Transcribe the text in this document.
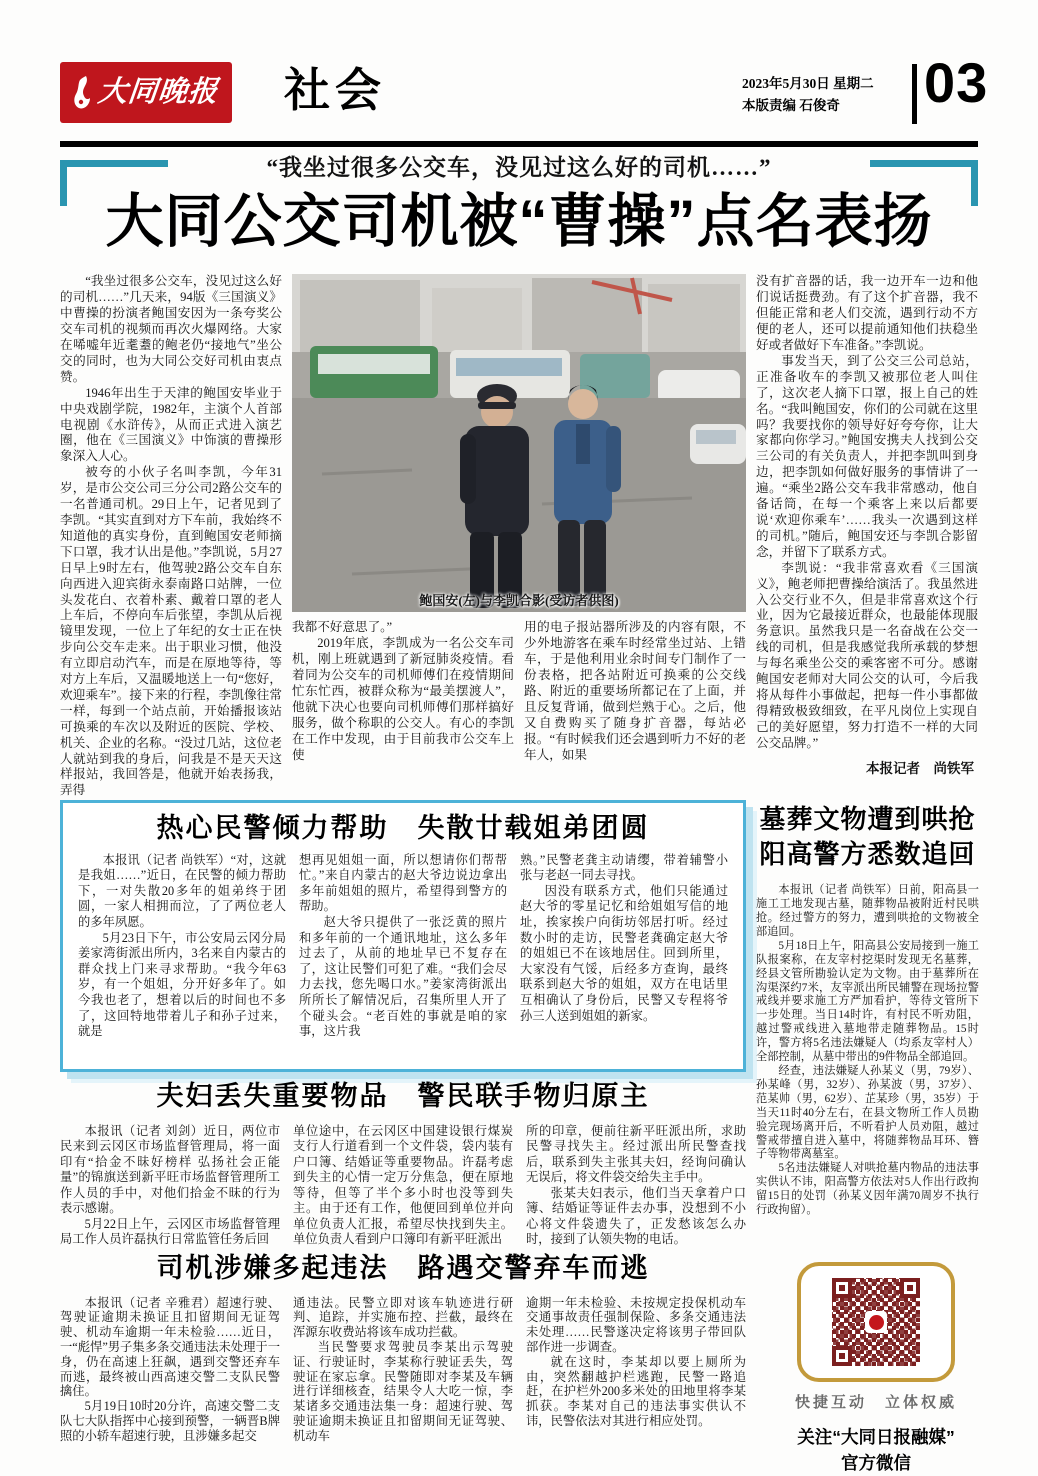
大同晚报 社会	2023年5月30日 星期二
本版责编 石俊奇	03
“我坐过很多公交车，没见过这么好的司机……”
大同公交司机被“曹操”点名表扬

“我坐过很多公交车，没见过这么好的司机……”几天来，94版《三国演义》中曹操的扮演者鲍国安因为一条夸奖公交车司机的视频而再次火爆网络。大家在唏嘘年近耄耋的鲍老仍“接地气”坐公交的同时，也为大同公交好司机由衷点赞。

1946年出生于天津的鲍国安毕业于中央戏剧学院，1982年，主演个人首部电视剧《水浒传》，从而正式进入演艺圈，他在《三国演义》中饰演的曹操形象深入人心。

被夸的小伙子名叫李凯，今年31岁，是市公交公司三分公司2路公交车的一名普通司机。29日上午，记者见到了李凯。“其实直到对方下车前，我始终不知道他的真实身份，直到鲍国安老师摘下口罩，我才认出是他。”李凯说，5月27日早上9时左右，他驾驶2路公交车自东向西进入迎宾街永泰南路口站牌，一位头发花白、衣着朴素、戴着口罩的老人上车后，不停向车后张望，李凯从后视镜里发现，一位上了年纪的女士正在快步向公交车走来。出于职业习惯，他没有立即启动汽车，而是在原地等待，等对方上车后，又温暖地送上一句“您好，欢迎乘车”。接下来的行程，李凯像往常一样，每到一个站点前，开始播报该站可换乘的车次以及附近的医院、学校、机关、企业的名称。“没过几站，这位老人就站到我的身后，问我是不是天天这样报站，我回答是，他就开始表扬我，弄得

鲍国安(左)与李凯合影(受访者供图)

我都不好意思了。”

2019年底，李凯成为一名公交车司机，刚上班就遇到了新冠肺炎疫情。看着同为公交车的司机师傅们在疫情期间忙东忙西，被群众称为“最美摆渡人”，他就下决心也要向司机师傅们那样搞好服务，做个称职的公交人。有心的李凯在工作中发现，由于目前我市公交车上使

用的电子报站器所涉及的内容有限，不少外地游客在乘车时经常坐过站、上错车，于是他利用业余时间专门制作了一份表格，把各站附近可换乘的公交线路、附近的重要场所都记在了上面，并且反复背诵，做到烂熟于心。之后，他又自费购买了随身扩音器，每站必报。“有时候我们还会遇到听力不好的老年人，如果

没有扩音器的话，我一边开车一边和他们说话挺费劲。有了这个扩音器，我不但能正常和老人们交流，遇到行动不方便的老人，还可以提前通知他们扶稳坐好或者做好下车准备。”李凯说。

事发当天，到了公交三公司总站，正准备收车的李凯又被那位老人叫住了，这次老人摘下口罩，报上自己的姓名。“我叫鲍国安，你们的公司就在这里吗？我要找你的领导好好夸夸你，让大家都向你学习。”鲍国安携夫人找到公交三公司的有关负责人，并把李凯叫到身边，把李凯如何做好服务的事情讲了一遍。“乘坐2路公交车我非常感动，他自备话筒，在每一个乘客上来以后都要说‘欢迎你乘车’……我头一次遇到这样的司机。”随后，鲍国安还与李凯合影留念，并留下了联系方式。

李凯说：“我非常喜欢看《三国演义》，鲍老师把曹操给演活了。我虽然进入公交行业不久，但是非常喜欢这个行业，因为它最接近群众，也最能体现服务意识。虽然我只是一名奋战在公交一线的司机，但是我感觉我所承载的梦想与每名乘坐公交的乘客密不可分。感谢鲍国安老师对大同公交的认可，今后我将从每件小事做起，把每一件小事都做得精致极致细致，在平凡岗位上实现自己的美好愿望，努力打造不一样的大同公交品牌。”

本报记者　尚铁军
热心民警倾力帮助　失散廿载姐弟团圆

本报讯（记者 尚铁军）“对，这就是我姐……”近日，在民警的倾力帮助下，一对失散20多年的姐弟终于团圆，一家人相拥而泣，了了两位老人的多年夙愿。

5月23日下午，市公安局云冈分局姜家湾街派出所内，3名来自内蒙古的群众找上门来寻求帮助。“我今年63岁，有一个姐姐，分开好多年了。如今我也老了，想着以后的时间也不多了，这回特地带着儿子和孙子过来，就是

想再见姐姐一面，所以想请你们帮帮忙。”来自内蒙古的赵大爷边说边拿出多年前姐姐的照片，希望得到警方的帮助。

赵大爷只提供了一张泛黄的照片和多年前的一个通讯地址，这么多年过去了，从前的地址早已不复存在了，这让民警们可犯了难。“我们会尽力去找，您先喝口水。”姜家湾街派出所所长了解情况后，召集所里人开了个碰头会。“老百姓的事就是咱的家事，这片我

熟。”民警老龚主动请缨，带着辅警小张与老赵一同去寻找。

因没有联系方式，他们只能通过赵大爷的零星记忆和给姐姐写信的地址，挨家挨户向街坊邻居打听。经过数小时的走访，民警老龚确定赵大爷的姐姐已不在该地居住。回到所里，大家没有气馁，后经多方查询，最终联系到赵大爷的姐姐，双方在电话里互相确认了身份后，民警又专程将爷孙三人送到姐姐的新家。

墓葬文物遭到哄抢
阳高警方悉数追回

本报讯（记者 尚铁军）日前，阳高县一施工工地发现古墓，随葬物品被附近村民哄抢。经过警方的努力，遭到哄抢的文物被全部追回。

5月18日上午，阳高县公安局接到一施工队报案称，在友宰村挖渠时发现无名墓葬，经县文管所勘验认定为文物。由于墓葬所在沟渠深约7米，友宰派出所民辅警在现场拉警戒线并要求施工方严加看护，等待文管所下一步处理。当日14时许，有村民不听劝阻，越过警戒线进入墓地带走随葬物品。15时许，警方将5名违法嫌疑人（均系友宰村人）全部控制，从墓中带出的9件物品全部追回。

经查，违法嫌疑人孙某义（男，79岁）、孙某峰（男，32岁）、孙某波（男，37岁）、范某帅（男，62岁）、芷某珍（男，35岁）于当天11时40分左右，在县文物所工作人员勘验完现场离开后，不听看护人员劝阻，越过警戒带擅自进入墓中，将随葬物品耳环、簪子等物带离墓室。

5名违法嫌疑人对哄抢墓内物品的违法事实供认不讳，阳高警方依法对5人作出行政拘留15日的处罚（孙某义因年满70周岁不执行行政拘留）。

夫妇丢失重要物品　警民联手物归原主

本报讯（记者 刘剑）近日，两位市民来到云冈区市场监督管理局，将一面印有“拾金不昧好榜样 弘扬社会正能量”的锦旗送到新平旺市场监督管理所工作人员的手中，对他们拾金不昧的行为表示感谢。

5月22日上午，云冈区市场监督管理局工作人员许磊执行日常监管任务后回

单位途中，在云冈区中国建设银行煤炭支行人行道看到一个文件袋，袋内装有户口簿、结婚证等重要物品。许磊考虑到失主的心情一定万分焦急，便在原地等待，但等了半个多小时也没等到失主。由于还有工作，他便回到单位并向单位负责人汇报，希望尽快找到失主。单位负责人看到户口簿印有新平旺派出

所的印章，便前往新平旺派出所，求助民警寻找失主。经过派出所民警查找后，联系到失主张其夫妇，经询问确认无误后，将文件袋交给失主手中。

张某夫妇表示，他们当天拿着户口簿、结婚证等证件去办事，没想到不小心将文件袋遗失了，正发愁该怎么办时，接到了认领失物的电话。

司机涉嫌多起违法　路遇交警弃车而逃

本报讯（记者 辛雅君）超速行驶、驾驶证逾期未换证且扣留期间无证驾驶、机动车逾期一年未检验……近日，一“彪悍”男子集多条交通违法未处理于一身，仍在高速上狂飙，遇到交警还弃车而逃，最终被山西高速交警二支队民警擒住。

5月19日10时20分许，高速交警二支队七大队指挥中心接到预警，一辆晋B牌照的小轿车超速行驶，且涉嫌多起交

通违法。民警立即对该车轨迹进行研判、追踪，并实施布控、拦截，最终在浑源东收费站将该车成功拦截。

当民警要求驾驶员李某出示驾驶证、行驶证时，李某称行驶证丢失，驾驶证在家忘拿。民警随即对李某及车辆进行详细核查，结果令人大吃一惊，李某诸多交通违法集一身：超速行驶、驾驶证逾期未换证且扣留期间无证驾驶、机动车

逾期一年未检验、未按规定投保机动车交通事故责任强制保险、多条交通违法未处理……民警遂决定将该男子带回队部作进一步调查。

就在这时，李某却以要上厕所为由，突然翻越护栏逃跑，民警一路追赶，在护栏外200多米处的田地里将李某抓获。李某对自己的违法事实供认不讳，民警依法对其进行相应处罚。

快捷互动　立体权威
关注“大同日报融媒”
官方微信
